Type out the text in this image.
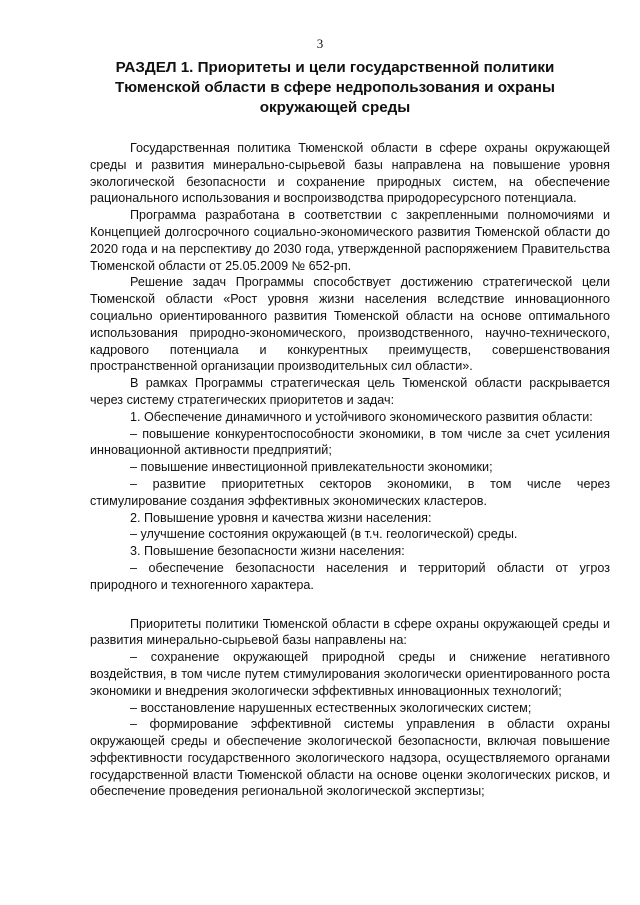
3
РАЗДЕЛ 1. Приоритеты и цели государственной политики Тюменской области в сфере недропользования и охраны окружающей среды

Государственная политика Тюменской области в сфере охраны окружающей среды и развития минерально-сырьевой базы направлена на повышение уровня экологической безопасности и сохранение природных систем, на обеспечение рационального использования и воспроизводства природоресурсного потенциала.

Программа разработана в соответствии с закрепленными полномочиями и Концепцией долгосрочного социально-экономического развития Тюменской области до 2020 года и на перспективу до 2030 года, утвержденной распоряжением Правительства Тюменской области от 25.05.2009 № 652-рп.

Решение задач Программы способствует достижению стратегической цели Тюменской области «Рост уровня жизни населения вследствие инновационного социально ориентированного развития Тюменской области на основе оптимального использования природно-экономического, производственного, научно-технического, кадрового потенциала и конкурентных преимуществ, совершенствования пространственной организации производительных сил области».

В рамках Программы стратегическая цель Тюменской области раскрывается через систему стратегических приоритетов и задач:

1. Обеспечение динамичного и устойчивого экономического развития области:

– повышение конкурентоспособности экономики, в том числе за счет усиления инновационной активности предприятий;

– повышение инвестиционной привлекательности экономики;

– развитие приоритетных секторов экономики, в том числе через стимулирование создания эффективных экономических кластеров.

2. Повышение уровня и качества жизни населения:

– улучшение состояния окружающей (в т.ч. геологической) среды.

3. Повышение безопасности жизни населения:

– обеспечение безопасности населения и территорий области от угроз природного и техногенного характера.

Приоритеты политики Тюменской области в сфере охраны окружающей среды и развития минерально-сырьевой базы направлены на:

– сохранение окружающей природной среды и снижение негативного воздействия, в том числе путем стимулирования экологически ориентированного роста экономики и внедрения экологически эффективных инновационных технологий;

– восстановление нарушенных естественных экологических систем;

– формирование эффективной системы управления в области охраны окружающей среды и обеспечение экологической безопасности, включая повышение эффективности государственного экологического надзора, осуществляемого органами государственной власти Тюменской области на основе оценки экологических рисков, и обеспечение проведения региональной экологической экспертизы;
